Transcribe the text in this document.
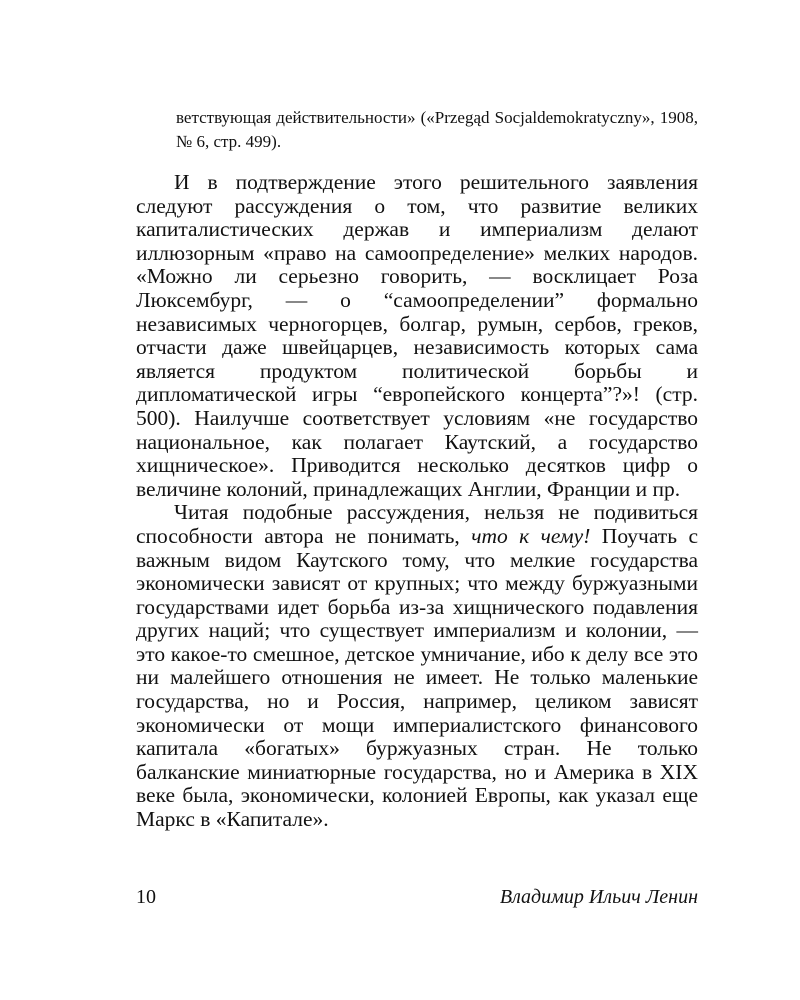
ветствующая действительности» («Przegąd Socjaldemokratyczny», 1908, № 6, стр. 499).

И в подтверждение этого решительного заявления следуют рассуждения о том, что развитие великих капиталистических держав и империализм делают иллюзорным «право на самоопределение» мелких народов. «Можно ли серьезно говорить, — восклицает Роза Люксембург, — о “самоопределении” формально независимых черногорцев, болгар, румын, сербов, греков, отчасти даже швейцарцев, независимость которых сама является продуктом политической борьбы и дипломатической игры “европейского концерта”?»! (стр. 500). Наилучше соответствует условиям «не государство национальное, как полагает Каутский, а государство хищническое». Приводится несколько десятков цифр о величине колоний, принадлежащих Англии, Франции и пр.

Читая подобные рассуждения, нельзя не подивиться способности автора не понимать, что к чему! Поучать с важным видом Каутского тому, что мелкие государства экономически зависят от крупных; что между буржуазными государствами идет борьба из-за хищнического подавления других наций; что существует империализм и колонии, — это какое-то смешное, детское умничание, ибо к делу все это ни малейшего отношения не имеет. Не только маленькие государства, но и Россия, например, целиком зависят экономически от мощи империалистского финансового капитала «богатых» буржуазных стран. Не только балканские миниатюрные государства, но и Америка в XIX веке была, экономически, колонией Европы, как указал еще Маркс в «Капитале».

10	Владимир Ильич Ленин
